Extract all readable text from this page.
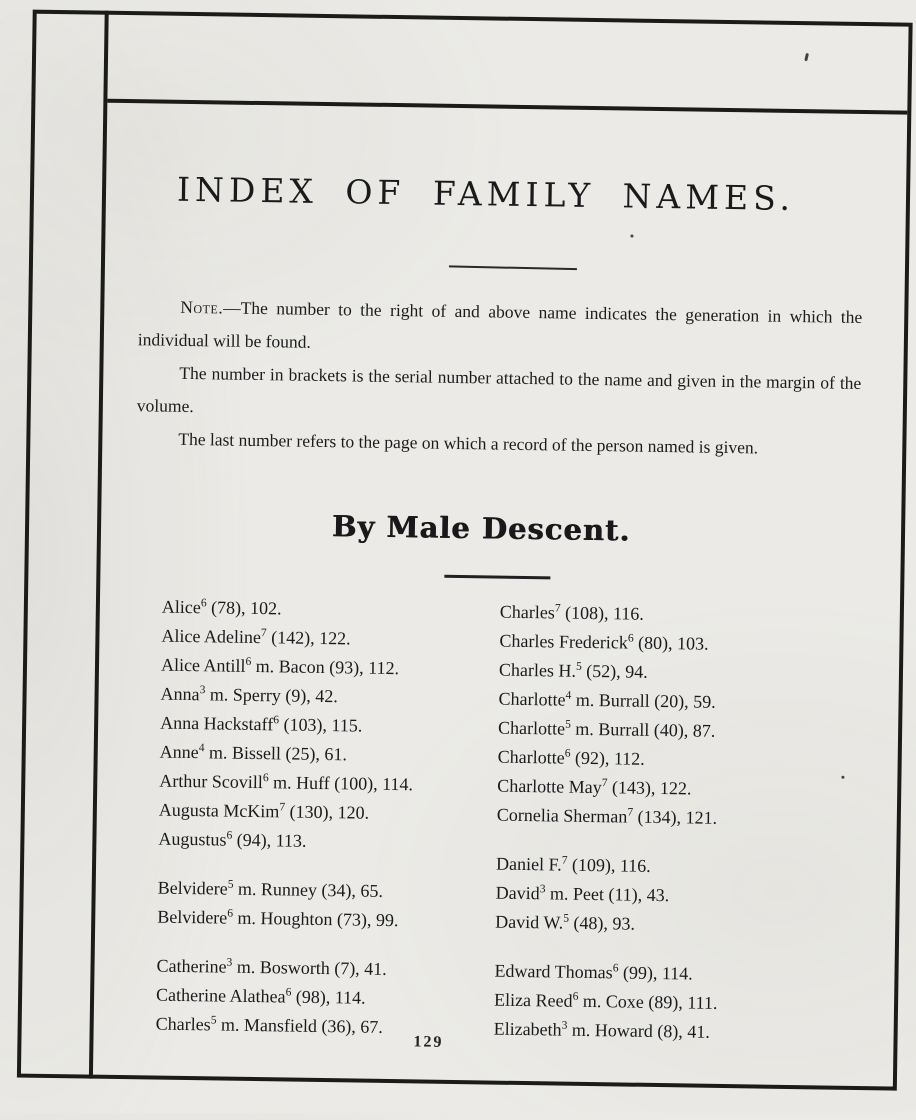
INDEX OF FAMILY NAMES.

Note.—The number to the right of and above name indicates the generation in which the individual will be found.

The number in brackets is the serial number attached to the name and given in the margin of the volume.

The last number refers to the page on which a record of the person named is given.

By Male Descent.
Alice$^6$ (78), 102.
Alice Adeline$^7$ (142), 122.
Alice Antill$^6$ m. Bacon (93), 112.
Anna$^3$ m. Sperry (9), 42.
Anna Hackstaff$^6$ (103), 115.
Anne$^4$ m. Bissell (25), 61.
Arthur Scovill$^6$ m. Huff (100), 114.
Augusta McKim$^7$ (130), 120.
Augustus$^6$ (94), 113.
Belvidere$^5$ m. Runney (34), 65.
Belvidere$^6$ m. Houghton (73), 99.
Catherine$^3$ m. Bosworth (7), 41.
Catherine Alathea$^6$ (98), 114.
Charles$^5$ m. Mansfield (36), 67.
Charles$^7$ (108), 116.
Charles Frederick$^6$ (80), 103.
Charles H.$^5$ (52), 94.
Charlotte$^4$ m. Burrall (20), 59.
Charlotte$^5$ m. Burrall (40), 87.
Charlotte$^6$ (92), 112.
Charlotte May$^7$ (143), 122.
Cornelia Sherman$^7$ (134), 121.
Daniel F.$^7$ (109), 116.
David$^3$ m. Peet (11), 43.
David W.$^5$ (48), 93.
Edward Thomas$^6$ (99), 114.
Eliza Reed$^6$ m. Coxe (89), 111.
Elizabeth$^3$ m. Howard (8), 41.
129
